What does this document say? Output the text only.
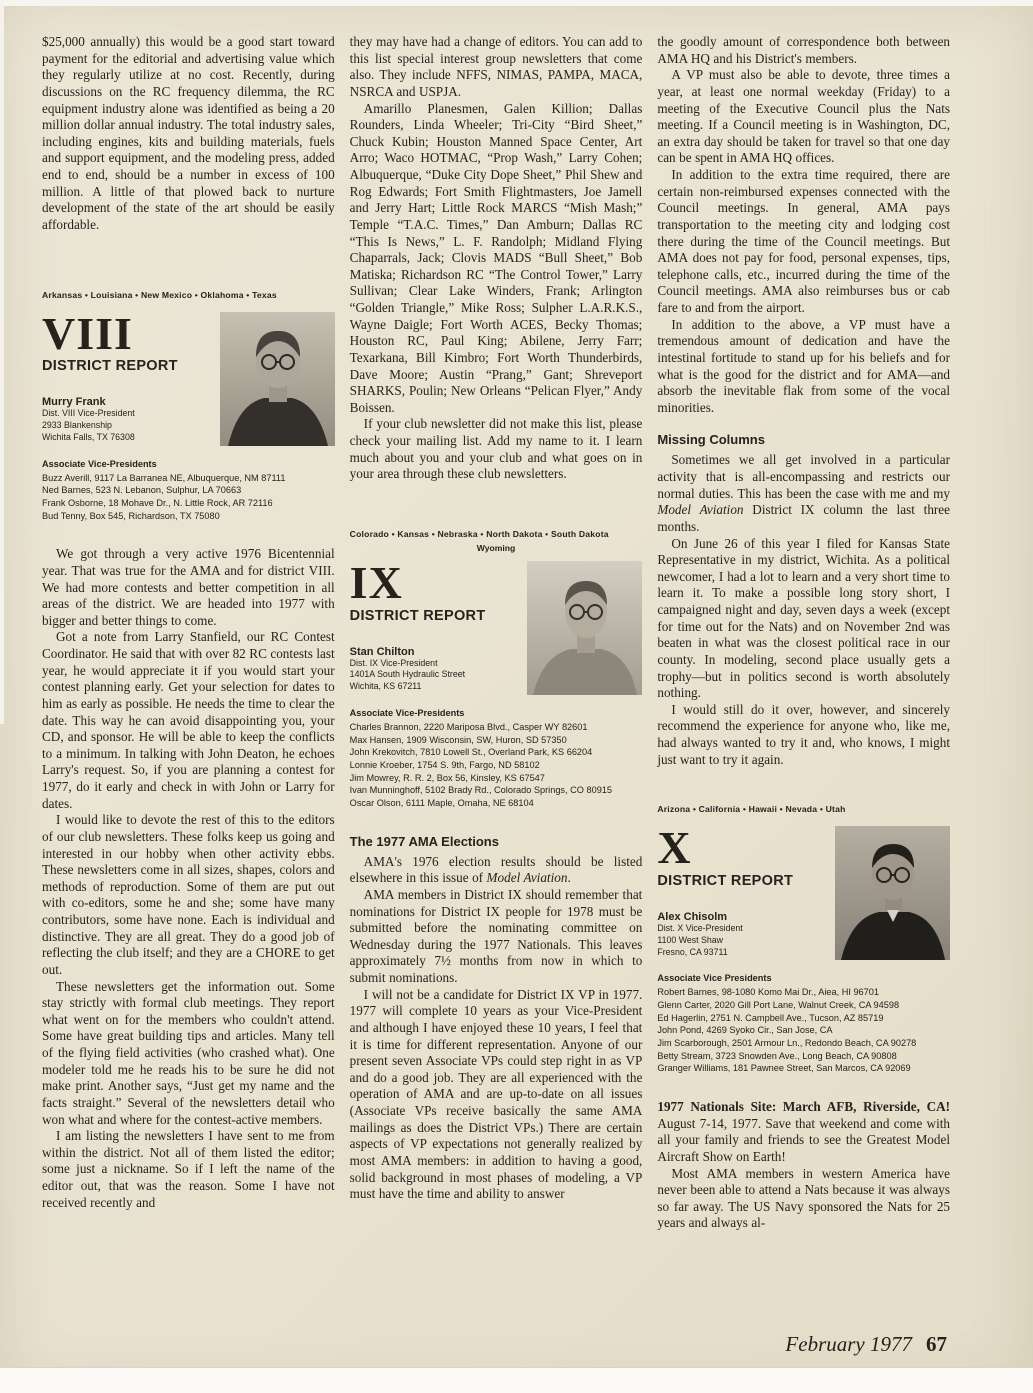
$25,000 annually) this would be a good start toward payment for the editorial and advertising value which they regularly utilize at no cost. Recently, during discussions on the RC frequency dilemma, the RC equipment industry alone was identified as being a 20 million dollar annual industry. The total industry sales, including engines, kits and building materials, fuels and support equipment, and the modeling press, added end to end, should be a number in excess of 100 million. A little of that plowed back to nurture development of the state of the art should be easily affordable.

Arkansas • Louisiana • New Mexico • Oklahoma • Texas
VIII
DISTRICT REPORT
Murry Frank
Dist. VIII Vice-President
2933 Blankenship
Wichita Falls, TX 76308
Associate Vice-Presidents
Buzz Averill, 9117 La Barranea NE, Albuquerque, NM 87111
Ned Barnes, 523 N. Lebanon, Sulphur, LA 70663
Frank Osborne, 18 Mohave Dr., N. Little Rock, AR 72116
Bud Tenny, Box 545, Richardson, TX 75080

We got through a very active 1976 Bicentennial year. That was true for the AMA and for district VIII. We had more contests and better competition in all areas of the district. We are headed into 1977 with bigger and better things to come.

Got a note from Larry Stanfield, our RC Contest Coordinator. He said that with over 82 RC contests last year, he would appreciate it if you would start your contest planning early. Get your selection for dates to him as early as possible. He needs the time to clear the date. This way he can avoid disappointing you, your CD, and sponsor. He will be able to keep the conflicts to a minimum. In talking with John Deaton, he echoes Larry's request. So, if you are planning a contest for 1977, do it early and check in with John or Larry for dates.

I would like to devote the rest of this to the editors of our club newsletters. These folks keep us going and interested in our hobby when other activity ebbs. These newsletters come in all sizes, shapes, colors and methods of reproduction. Some of them are put out with co-editors, some he and she; some have many contributors, some have none. Each is individual and distinctive. They are all great. They do a good job of reflecting the club itself; and they are a CHORE to get out.

These newsletters get the information out. Some stay strictly with formal club meetings. They report what went on for the members who couldn't attend. Some have great building tips and articles. Many tell of the flying field activities (who crashed what). One modeler told me he reads his to be sure he did not make print. Another says, “Just get my name and the facts straight.” Several of the newsletters detail who won what and where for the contest-active members.

I am listing the newsletters I have sent to me from within the district. Not all of them listed the editor; some just a nickname. So if I left the name of the editor out, that was the reason. Some I have not received recently and

they may have had a change of editors. You can add to this list special interest group newsletters that come also. They include NFFS, NIMAS, PAMPA, MACA, NSRCA and USPJA.

Amarillo Planesmen, Galen Killion; Dallas Rounders, Linda Wheeler; Tri-City “Bird Sheet,” Chuck Kubin; Houston Manned Space Center, Art Arro; Waco HOTMAC, “Prop Wash,” Larry Cohen; Albuquerque, “Duke City Dope Sheet,” Phil Shew and Rog Edwards; Fort Smith Flightmasters, Joe Jamell and Jerry Hart; Little Rock MARCS “Mish Mash;” Temple “T.A.C. Times,” Dan Amburn; Dallas RC “This Is News,” L. F. Randolph; Midland Flying Chaparrals, Jack; Clovis MADS “Bull Sheet,” Bob Matiska; Richardson RC “The Control Tower,” Larry Sullivan; Clear Lake Winders, Frank; Arlington “Golden Triangle,” Mike Ross; Sulpher L.A.R.K.S., Wayne Daigle; Fort Worth ACES, Becky Thomas; Houston RC, Paul King; Abilene, Jerry Farr; Texarkana, Bill Kimbro; Fort Worth Thunderbirds, Dave Moore; Austin “Prang,” Gant; Shreveport SHARKS, Poulin; New Orleans “Pelican Flyer,” Andy Boissen.

If your club newsletter did not make this list, please check your mailing list. Add my name to it. I learn much about you and your club and what goes on in your area through these club newsletters.

Colorado • Kansas • Nebraska • North Dakota • South Dakota
Wyoming
IX
DISTRICT REPORT
Stan Chilton
Dist. IX Vice-President
1401A South Hydraulic Street
Wichita, KS 67211
Associate Vice-Presidents
Charles Brannon, 2220 Mariposa Blvd., Casper WY 82601
Max Hansen, 1909 Wisconsin, SW, Huron, SD 57350
John Krekovitch, 7810 Lowell St., Overland Park, KS 66204
Lonnie Kroeber, 1754 S. 9th, Fargo, ND 58102
Jim Mowrey, R. R. 2, Box 56, Kinsley, KS 67547
Ivan Munninghoff, 5102 Brady Rd., Colorado Springs, CO 80915
Oscar Olson, 6111 Maple, Omaha, NE 68104
The 1977 AMA Elections

AMA's 1976 election results should be listed elsewhere in this issue of Model Aviation.

AMA members in District IX should remember that nominations for District IX people for 1978 must be submitted before the nominating committee on Wednesday during the 1977 Nationals. This leaves approximately 7½ months from now in which to submit nominations.

I will not be a candidate for District IX VP in 1977. 1977 will complete 10 years as your Vice-President and although I have enjoyed these 10 years, I feel that it is time for different representation. Anyone of our present seven Associate VPs could step right in as VP and do a good job. They are all experienced with the operation of AMA and are up-to-date on all issues (Associate VPs receive basically the same AMA mailings as does the District VPs.) There are certain aspects of VP expectations not generally realized by most AMA members: in addition to having a good, solid background in most phases of modeling, a VP must have the time and ability to answer

the goodly amount of correspondence both between AMA HQ and his District's members.

A VP must also be able to devote, three times a year, at least one normal weekday (Friday) to a meeting of the Executive Council plus the Nats meeting. If a Council meeting is in Washington, DC, an extra day should be taken for travel so that one day can be spent in AMA HQ offices.

In addition to the extra time required, there are certain non-reimbursed expenses connected with the Council meetings. In general, AMA pays transportation to the meeting city and lodging cost there during the time of the Council meetings. But AMA does not pay for food, personal expenses, tips, telephone calls, etc., incurred during the time of the Council meetings. AMA also reimburses bus or cab fare to and from the airport.

In addition to the above, a VP must have a tremendous amount of dedication and have the intestinal fortitude to stand up for his beliefs and for what is the good for the district and for AMA—and absorb the inevitable flak from some of the vocal minorities.

Missing Columns

Sometimes we all get involved in a particular activity that is all-encompassing and restricts our normal duties. This has been the case with me and my Model Aviation District IX column the last three months.

On June 26 of this year I filed for Kansas State Representative in my district, Wichita. As a political newcomer, I had a lot to learn and a very short time to learn it. To make a possible long story short, I campaigned night and day, seven days a week (except for time out for the Nats) and on November 2nd was beaten in what was the closest political race in our county. In modeling, second place usually gets a trophy—but in politics second is worth absolutely nothing.

I would still do it over, however, and sincerely recommend the experience for anyone who, like me, had always wanted to try it and, who knows, I might just want to try it again.

Arizona • California • Hawaii • Nevada • Utah
X
DISTRICT REPORT
Alex Chisolm
Dist. X Vice-President
1100 West Shaw
Fresno, CA 93711
Associate Vice Presidents
Robert Barnes, 98-1080 Komo Mai Dr., Aiea, HI 96701
Glenn Carter, 2020 Gill Port Lane, Walnut Creek, CA 94598
Ed Hagerlin, 2751 N. Campbell Ave., Tucson, AZ 85719
John Pond, 4269 Syoko Cir., San Jose, CA
Jim Scarborough, 2501 Armour Ln., Redondo Beach, CA 90278
Betty Stream, 3723 Snowden Ave., Long Beach, CA 90808
Granger Williams, 181 Pawnee Street, San Marcos, CA 92069

1977 Nationals Site: March AFB, Riverside, CA! August 7-14, 1977. Save that weekend and come with all your family and friends to see the Greatest Model Aircraft Show on Earth!

Most AMA members in western America have never been able to attend a Nats because it was always so far away. The US Navy sponsored the Nats for 25 years and always al-

February 1977 67
